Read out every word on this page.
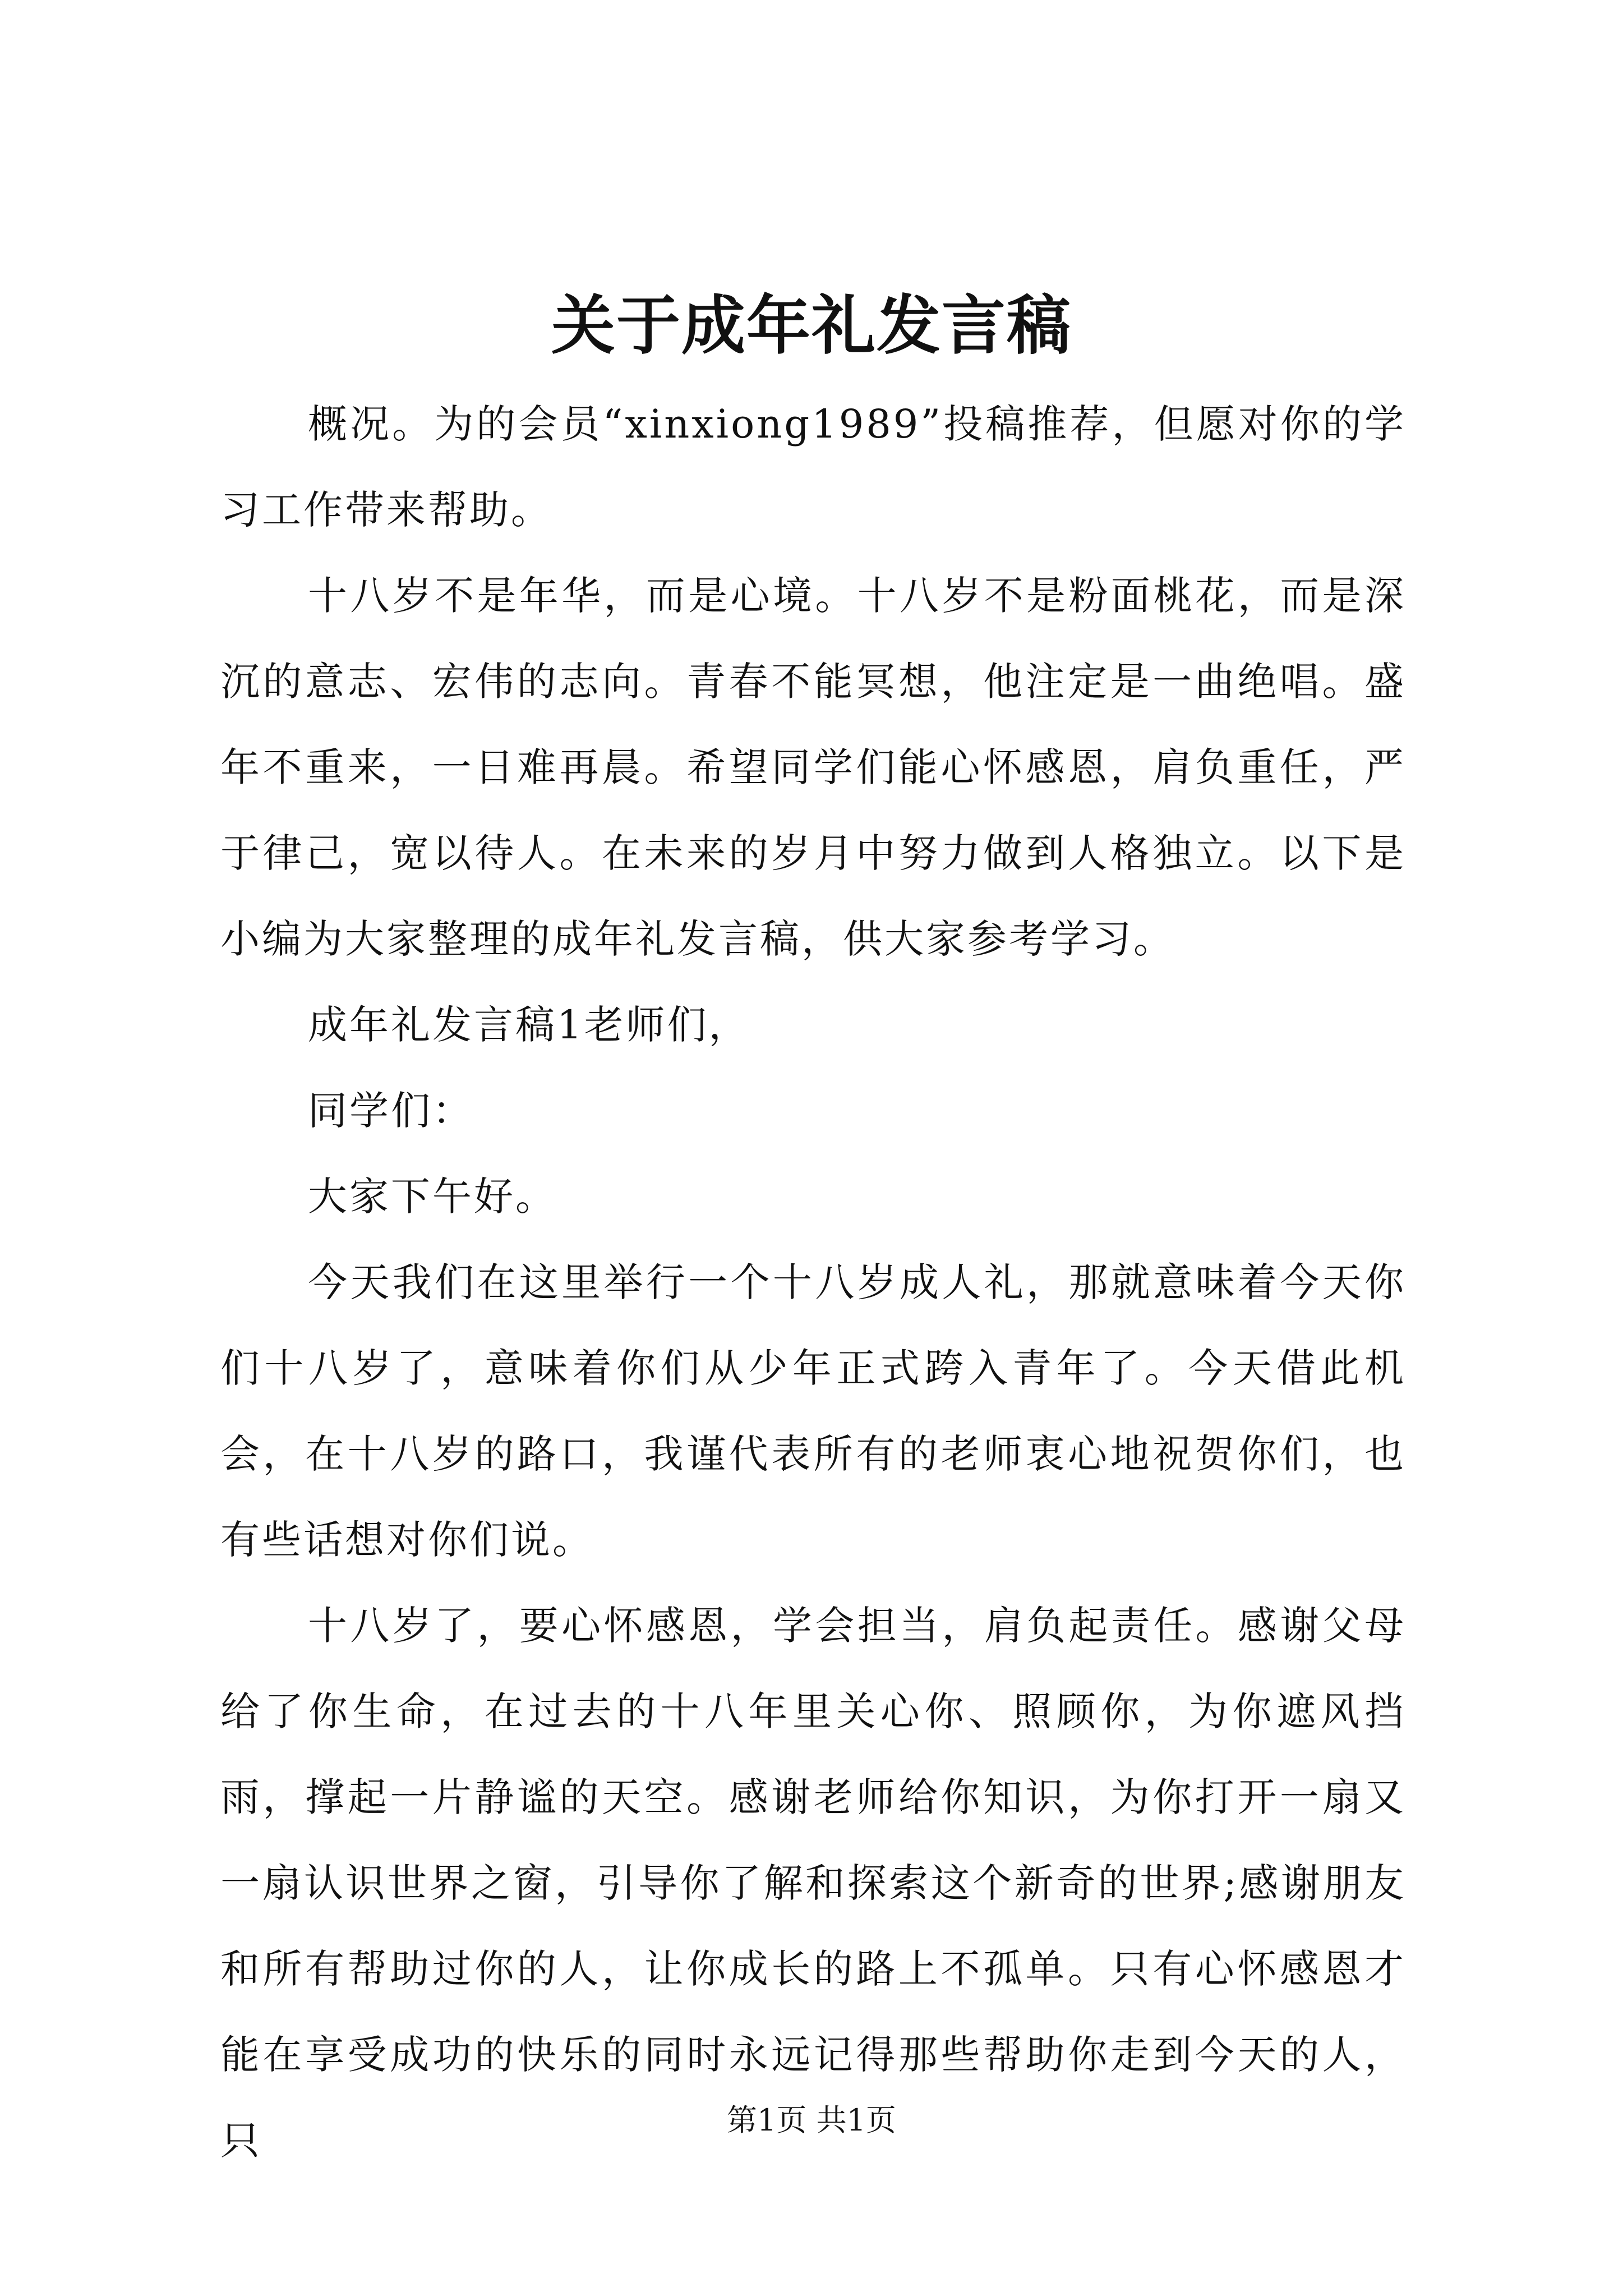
关于成年礼发言稿

概况。为的会员“xinxiong1989”投稿推荐，但愿对你的学习工作带来帮助。

十八岁不是年华，而是心境。十八岁不是粉面桃花，而是深沉的意志、宏伟的志向。青春不能冥想，他注定是一曲绝唱。盛年不重来，一日难再晨。希望同学们能心怀感恩，肩负重任，严于律己，宽以待人。在未来的岁月中努力做到人格独立。以下是小编为大家整理的成年礼发言稿，供大家参考学习。

成年礼发言稿1老师们，

同学们：

大家下午好。

今天我们在这里举行一个十八岁成人礼，那就意味着今天你们十八岁了，意味着你们从少年正式跨入青年了。今天借此机会，在十八岁的路口，我谨代表所有的老师衷心地祝贺你们，也有些话想对你们说。

十八岁了，要心怀感恩，学会担当，肩负起责任。感谢父母给了你生命，在过去的十八年里关心你、照顾你，为你遮风挡雨，撑起一片静谧的天空。感谢老师给你知识，为你打开一扇又一扇认识世界之窗，引导你了解和探索这个新奇的世界;感谢朋友和所有帮助过你的人，让你成长的路上不孤单。只有心怀感恩才能在享受成功的快乐的同时永远记得那些帮助你走到今天的人，只	第1页 共1页
